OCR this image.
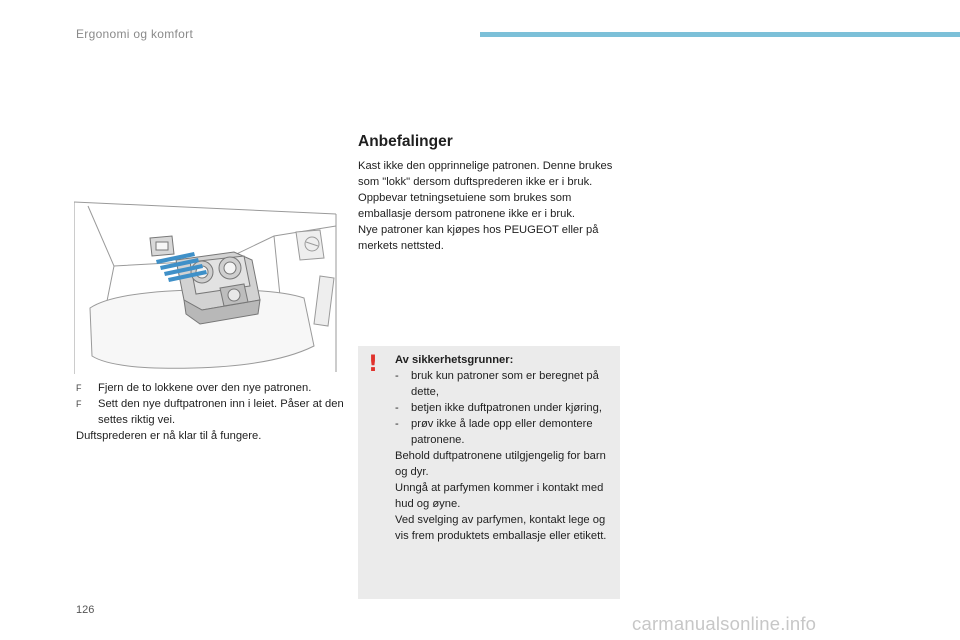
Ergonomi og komfort
F Fjern de to lokkene over den nye patronen.
F Sett den nye duftpatronen inn i leiet. Påser at den settes riktig vei.
Duftsprederen er nå klar til å fungere.
Anbefalinger
Kast ikke den opprinnelige patronen. Denne brukes som "lokk" dersom duftsprederen ikke er i bruk.
Oppbevar tetningsetuiene som brukes som emballasje dersom patronene ikke er i bruk.
Nye patroner kan kjøpes hos PEUGEOT eller på merkets nettsted.
! Av sikkerhetsgrunner:
- bruk kun patroner som er beregnet på dette,
- betjen ikke duftpatronen under kjøring,
- prøv ikke å lade opp eller demontere patronene.
Behold duftpatronene utilgjengelig for barn og dyr.
Unngå at parfymen kommer i kontakt med hud og øyne.
Ved svelging av parfymen, kontakt lege og vis frem produktets emballasje eller etikett.
126
carmanualsonline.info
